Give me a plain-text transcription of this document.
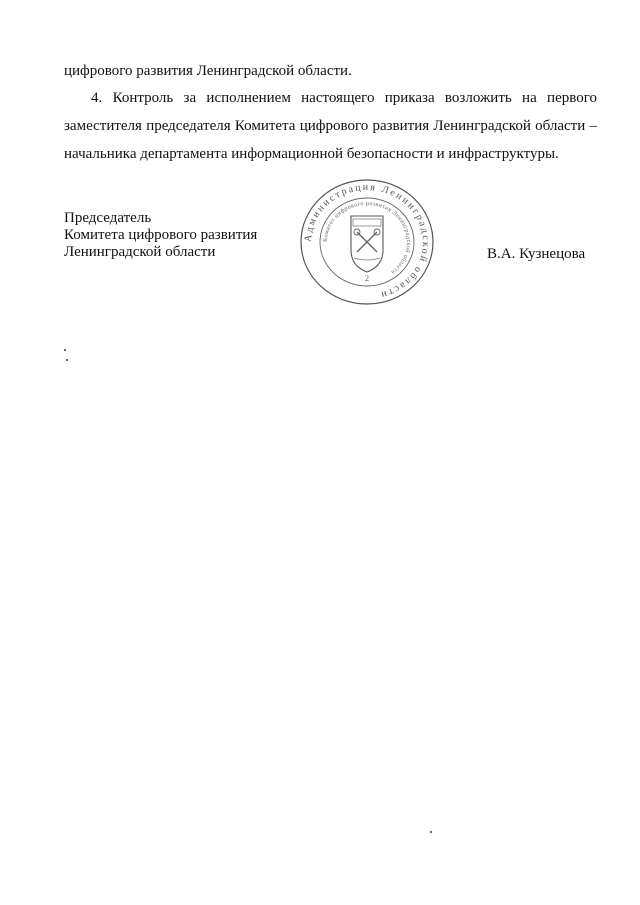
цифрового развития Ленинградской области.

4. Контроль за исполнением настоящего приказа возложить на первого
заместителя председателя Комитета цифрового развития Ленинградской области –
начальника департамента информационной безопасности и инфраструктуры.

Председатель
Комитета цифрового развития
Ленинградской области	В.А. Кузнецова
Администрация Ленинградской области
Комитет цифрового развития Ленинградской области
2
